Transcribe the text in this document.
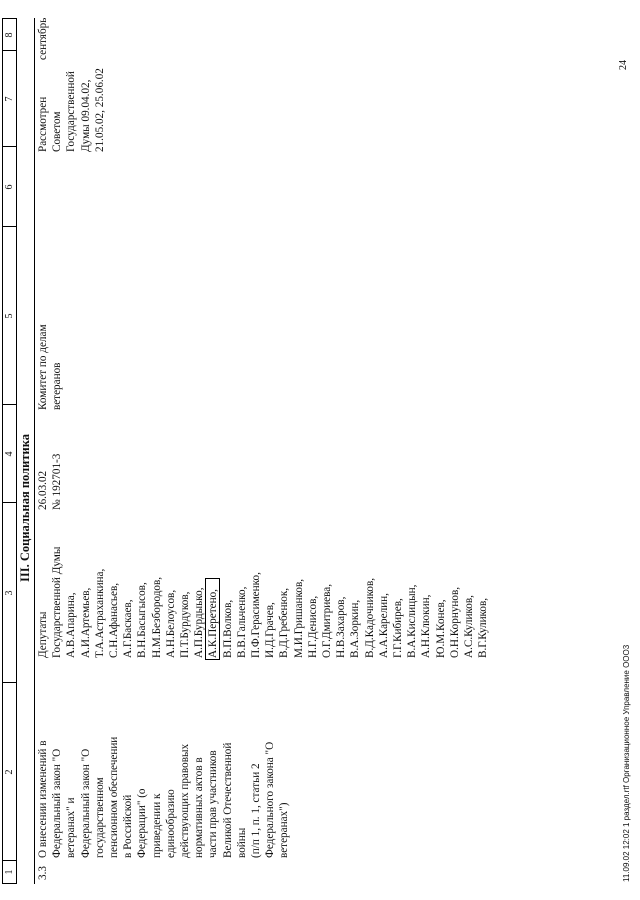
1
2
3
4
5
6
7
8
III. Социальная политика
3.3
О внесении изменений в Федеральный закон "О ветеранах" и Федеральный закон "О государственном пенсионном обеспечении в Российской Федерации" (о приведении к единообразию действующих правовых нормативных актов в части прав участников Великой Отечественной войны (п/п 1, п. 1, статьи 2 Федерального закона "О ветеранах")
Депутаты Государственной Думы А.В.Апарина, А.И.Артемьев, Т.А.Астраханкина, С.Н.Афанасьев, А.Г.Баскаев, В.Н.Басыгысов, Н.М.Безбородов, А.Н.Белоусов, П.Т.Бурдуков, А.П.Бурдыько, А.К.Перетено, В.П.Волков, В.В.Гальченко, П.Ф.Герасименко, И.Д.Грачев, В.Д.Гребенюк, М.И.Гришанков, Н.Г.Денисов, О.Г.Дмитриева, Н.В.Захаров, В.А.Зоркин, В.Д.Кадочников, А.А.Карелин, Г.Г.Кибирев, В.А.Кислицын, А.Н.Клюкин, Ю.М.Конев, О.Н.Корнунов, А.С.Куликов, В.Г.Куликов,
26.03.02 № 192701-3
Комитет по делам ветеранов
Рассмотрен Советом Государственной Думы 09.04.02, 21.05.02, 25.06.02
сентябрь
11.09.02 12:02 1 раздел.rtf Организационное Управление ООО3
24
